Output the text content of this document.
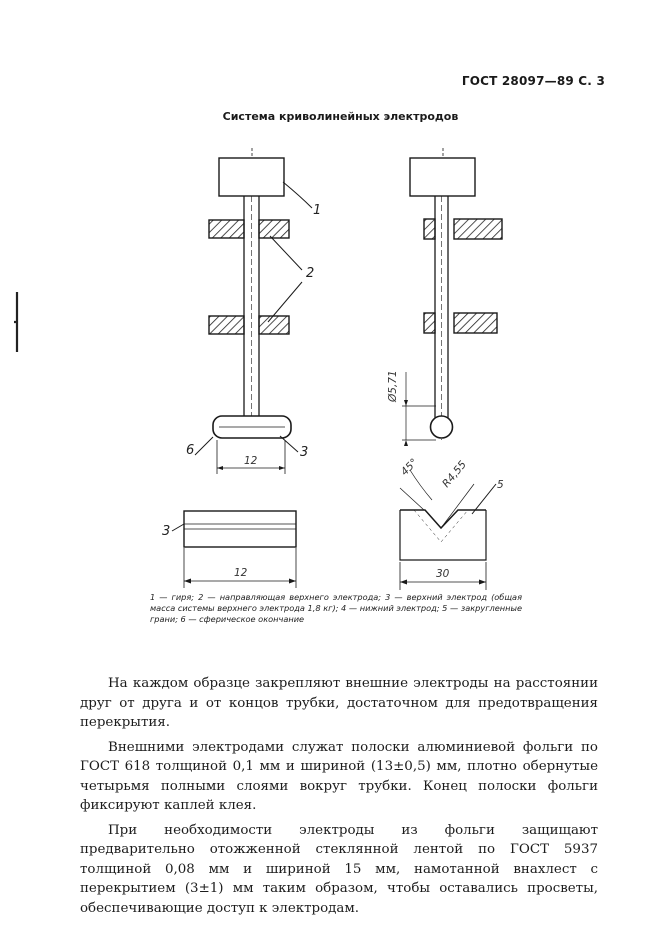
ГОСТ 28097—89 С. 3
Система криволинейных электродов
1
2
6	3
12
3
12
Ø5,71
45° R4,55	5
30
1 — гиря; 2 — направляющая верхнего электрода; 3 — верхний электрод (общая масса системы верхнего электрода 1,8 кг); 4 — нижний электрод; 5 — закругленные грани; 6 — сферическое окончание

На каждом образце закрепляют внешние электроды на расстоянии друг от друга и от концов трубки, достаточном для предотвращения перекрытия.

Внешними электродами служат полоски алюминиевой фольги по ГОСТ 618 толщиной 0,1 мм и шириной (13±0,5) мм, плотно обернутые четырьмя полными слоями вокруг трубки. Конец полоски фольги фиксируют каплей клея.

При необходимости электроды из фольги защищают предварительно отожженной стеклянной лентой по ГОСТ 5937 толщиной 0,08 мм и шириной 15 мм, намотанной внахлест с перекрытием (3±1) мм таким образом, чтобы оставались просветы, обеспечивающие доступ к электродам.
